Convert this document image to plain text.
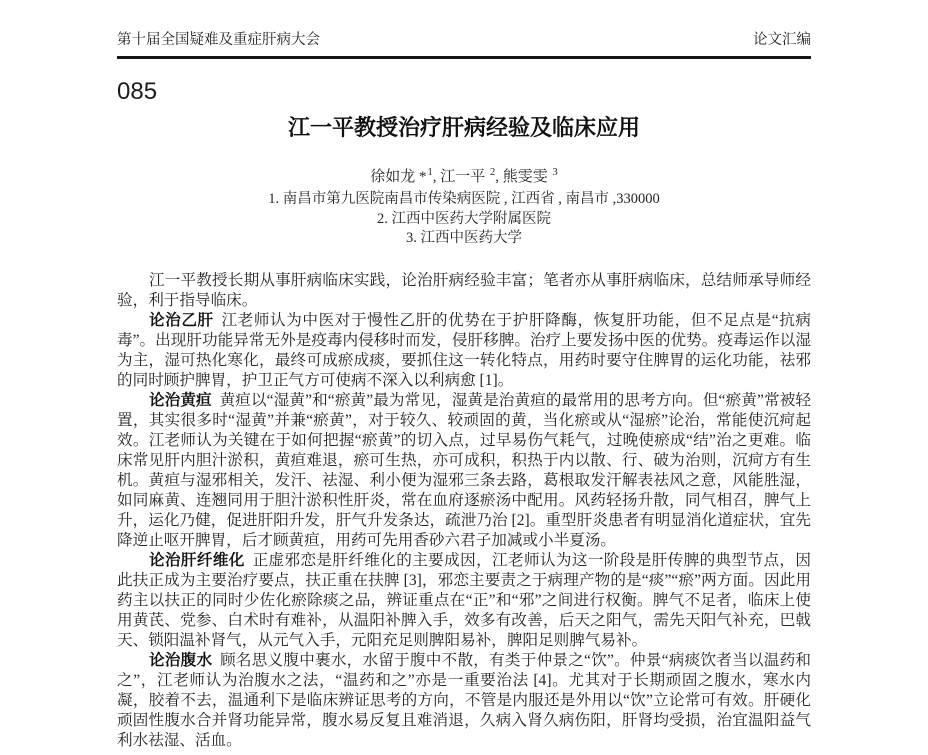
第十届全国疑难及重症肝病大会	论文汇编
085
江一平教授治疗肝病经验及临床应用
徐如龙 *$^1$, 江一平 $^2$, 熊雯雯 $^3$
1. 南昌市第九医院南昌市传染病医院 , 江西省 , 南昌市 ,330000
2. 江西中医药大学附属医院
3. 江西中医药大学

江一平教授长期从事肝病临床实践，论治肝病经验丰富；笔者亦从事肝病临床，总结师承导师经验，利于指导临床。

论治乙肝 江老师认为中医对于慢性乙肝的优势在于护肝降酶，恢复肝功能，但不足点是“抗病毒”。出现肝功能异常无外是疫毒内侵移时而发，侵肝移脾。治疗上要发扬中医的优势。疫毒运作以湿为主，湿可热化寒化，最终可成瘀成痰，要抓住这一转化特点，用药时要守住脾胃的运化功能，祛邪的同时顾护脾胃，护卫正气方可使病不深入以利病愈 [1]。

论治黄疸 黄疸以“湿黄”和“瘀黄”最为常见，湿黄是治黄疸的最常用的思考方向。但“瘀黄”常被轻置，其实很多时“湿黄”并兼“瘀黄”，对于较久、较顽固的黄，当化瘀或从“湿瘀”论治，常能使沉疴起效。江老师认为关键在于如何把握“瘀黄”的切入点，过早易伤气耗气，过晚使瘀成“结”治之更难。临床常见肝内胆汁淤积，黄疸难退，瘀可生热，亦可成积，积热于内以散、行、破为治则，沉疴方有生机。黄疸与湿邪相关，发汗、祛湿、利小便为湿邪三条去路，葛根取发汗解表祛风之意，风能胜湿，如同麻黄、连翘同用于胆汁淤积性肝炎，常在血府逐瘀汤中配用。风药轻扬升散，同气相召，脾气上升，运化乃健，促进肝阳升发，肝气升发条达，疏泄乃治 [2]。重型肝炎患者有明显消化道症状，宜先降逆止呕开脾胃，后才顾黄疸，用药可先用香砂六君子加减或小半夏汤。

论治肝纤维化 正虚邪恋是肝纤维化的主要成因，江老师认为这一阶段是肝传脾的典型节点，因此扶正成为主要治疗要点，扶正重在扶脾 [3]，邪恋主要责之于病理产物的是“痰”“瘀”两方面。因此用药主以扶正的同时少佐化瘀除痰之品，辨证重点在“正”和“邪”之间进行权衡。脾气不足者，临床上使用黄芪、党参、白术时有难补，从温阳补脾入手，效多有改善，后天之阳气，需先天阳气补充，巴戟天、锁阳温补肾气，从元气入手，元阳充足则脾阳易补，脾阳足则脾气易补。

论治腹水 顾名思义腹中裹水，水留于腹中不散，有类于仲景之“饮”。仲景“病痰饮者当以温药和之”，江老师认为治腹水之法，“温药和之”亦是一重要治法 [4]。尤其对于长期顽固之腹水，寒水内凝，胶着不去，温通利下是临床辨证思考的方向，不管是内服还是外用以“饮”立论常可有效。肝硬化顽固性腹水合并肾功能异常，腹水易反复且难消退，久病入肾久病伤阳，肝肾均受损，治宜温阳益气利水祛湿、活血。
